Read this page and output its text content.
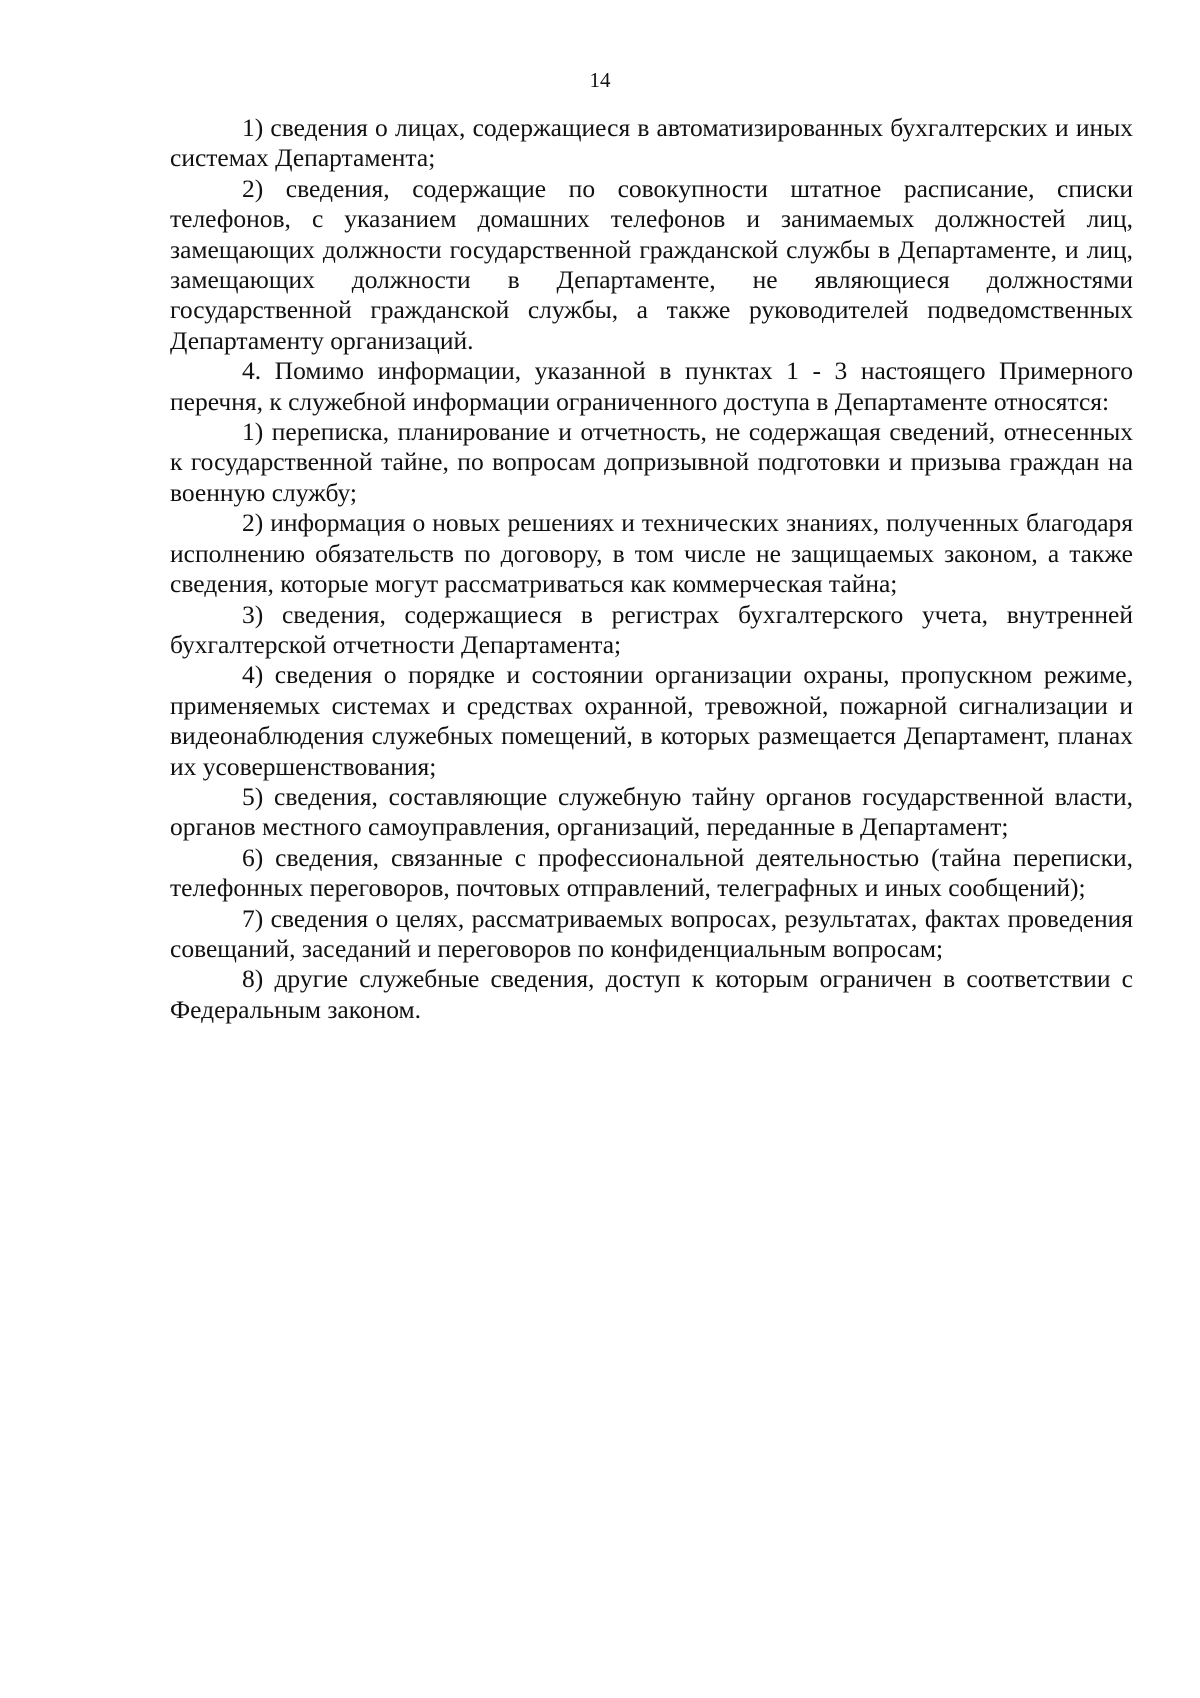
14

1) сведения о лицах, содержащиеся в автоматизированных бухгалтерских и иных системах Департамента;

2) сведения, содержащие по совокупности штатное расписание, списки телефонов, с указанием домашних телефонов и занимаемых должностей лиц, замещающих должности государственной гражданской службы в Департаменте, и лиц, замещающих должности в Департаменте, не являющиеся должностями государственной гражданской службы, а также руководителей подведомственных Департаменту организаций.

4. Помимо информации, указанной в пунктах 1 - 3 настоящего Примерного перечня, к служебной информации ограниченного доступа в Департаменте относятся:

1) переписка, планирование и отчетность, не содержащая сведений, отнесенных к государственной тайне, по вопросам допризывной подготовки и призыва граждан на военную службу;

2) информация о новых решениях и технических знаниях, полученных благодаря исполнению обязательств по договору, в том числе не защищаемых законом, а также сведения, которые могут рассматриваться как коммерческая тайна;

3) сведения, содержащиеся в регистрах бухгалтерского учета, внутренней бухгалтерской отчетности Департамента;

4) сведения о порядке и состоянии организации охраны, пропускном режиме, применяемых системах и средствах охранной, тревожной, пожарной сигнализации и видеонаблюдения служебных помещений, в которых размещается Департамент, планах их усовершенствования;

5) сведения, составляющие служебную тайну органов государственной власти, органов местного самоуправления, организаций, переданные в Департамент;

6) сведения, связанные с профессиональной деятельностью (тайна переписки, телефонных переговоров, почтовых отправлений, телеграфных и иных сообщений);

7) сведения о целях, рассматриваемых вопросах, результатах, фактах проведения совещаний, заседаний и переговоров по конфиденциальным вопросам;

8) другие служебные сведения, доступ к которым ограничен в соответствии с Федеральным законом.
